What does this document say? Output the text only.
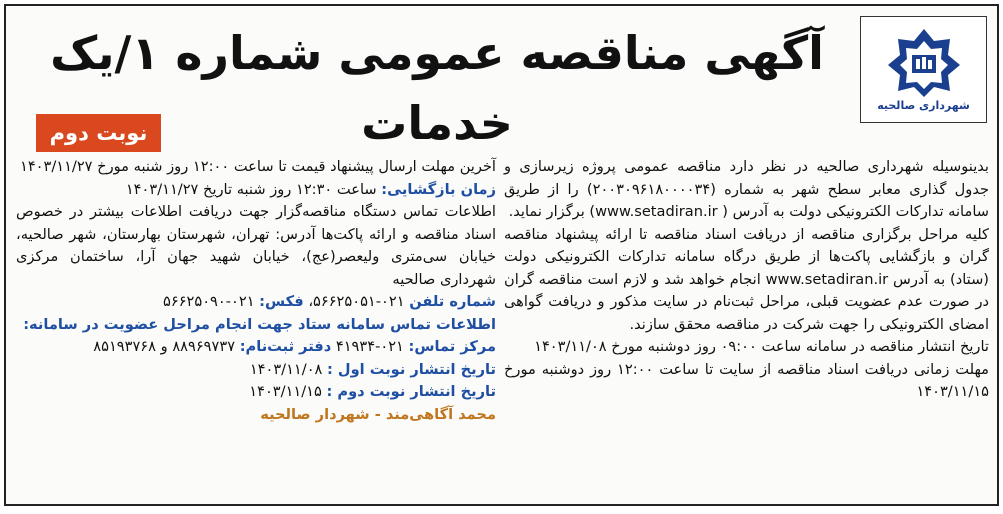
شهرداری صالحیه
آگهی مناقصه عمومی شماره ۱/یک خدمات
نوبت دوم

بدینوسیله شهرداری صالحیه در نظر دارد مناقصه عمومی پروژه زیرسازی و جدول گذاری معابر سطح شهر به شماره (۲۰۰۳۰۹۶۱۸۰۰۰۰۳۴) را از طریق سامانه تدارکات الکترونیکی دولت به آدرس ( www.setadiran.ir) برگزار نماید.

کلیه مراحل برگزاری مناقصه از دریافت اسناد مناقصه تا ارائه پیشنهاد مناقصه گران و بازگشایی پاکت‌ها از طریق درگاه سامانه تدارکات الکترونیکی دولت (ستاد) به آدرس www.setadiran.ir انجام خواهد شد و لازم است مناقصه گران در صورت عدم عضویت قبلی، مراحل ثبت‌نام در سایت مذکور و دریافت گواهی امضای الکترونیکی را جهت شرکت در مناقصه محقق سازند.

تاریخ انتشار مناقصه در سامانه ساعت ۰۹:۰۰ روز دوشنبه مورخ ۱۴۰۳/۱۱/۰۸

مهلت زمانی دریافت اسناد مناقصه از سایت تا ساعت ۱۲:۰۰ روز دوشنبه مورخ ۱۴۰۳/۱۱/۱۵

آخرین مهلت ارسال پیشنهاد قیمت تا ساعت ۱۲:۰۰ روز شنبه مورخ ۱۴۰۳/۱۱/۲۷

زمان بازگشایی: ساعت ۱۲:۳۰ روز شنبه تاریخ ۱۴۰۳/۱۱/۲۷

اطلاعات تماس دستگاه مناقصه‌گزار جهت دریافت اطلاعات بیشتر در خصوص اسناد مناقصه و ارائه پاکت‌ها آدرس: تهران، شهرستان بهارستان، شهر صالحیه، خیابان سی‌متری ولیعصر(عج)، خیابان شهید جهان آرا، ساختمان مرکزی شهرداری صالحیه

شماره تلفن ۰۲۱-۵۶۶۲۵۰۵۱، فکس: ۰۲۱-۵۶۶۲۵۰۹۰

اطلاعات تماس سامانه ستاد جهت انجام مراحل عضویت در سامانه:

مرکز تماس: ۰۲۱-۴۱۹۳۴ دفتر ثبت‌نام: ۸۸۹۶۹۷۳۷ و ۸۵۱۹۳۷۶۸

تاریخ انتشار نوبت اول : ۱۴۰۳/۱۱/۰۸

تاریخ انتشار نوبت دوم : ۱۴۰۳/۱۱/۱۵

محمد آگاهی‌مند - شهردار صالحیه
